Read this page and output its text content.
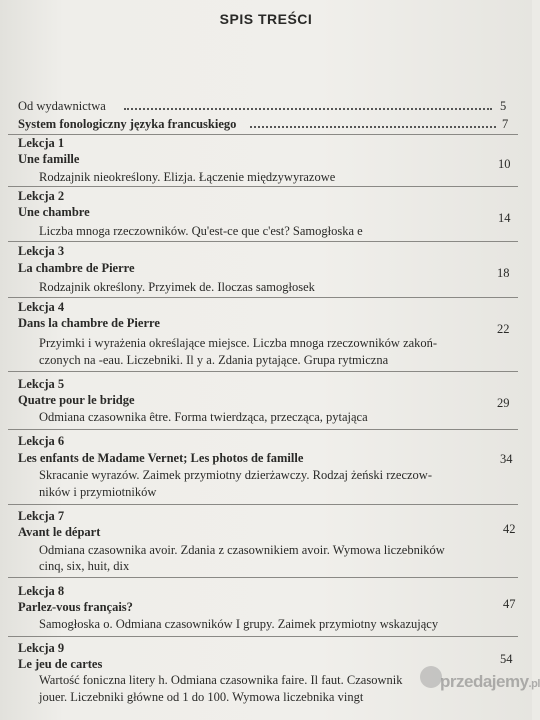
SPIS TREŚCI
Od wydawnictwa	5
System fonologiczny języka francuskiego	7
Lekcja 1
Une famille	10
Rodzajnik nieokreślony. Elizja. Łączenie międzywyrazowe
Lekcja 2
Une chambre	14
Liczba mnoga rzeczowników. Qu'est-ce que c'est? Samogłoska e
Lekcja 3
La chambre de Pierre	18
Rodzajnik określony. Przyimek de. Iloczas samogłosek
Lekcja 4
Dans la chambre de Pierre	22
Przyimki i wyrażenia określające miejsce. Liczba mnoga rzeczowników zakoń-
czonych na -eau. Liczebniki. Il y a. Zdania pytające. Grupa rytmiczna
Lekcja 5
Quatre pour le bridge	29
Odmiana czasownika être. Forma twierdząca, przecząca, pytająca
Lekcja 6
Les enfants de Madame Vernet; Les photos de famille	34
Skracanie wyrazów. Zaimek przymiotny dzierżawczy. Rodzaj żeński rzeczow-
ników i przymiotników
Lekcja 7
Avant le départ	42
Odmiana czasownika avoir. Zdania z czasownikiem avoir. Wymowa liczebników
cinq, six, huit, dix
Lekcja 8
Parlez-vous français?	47
Samogłoska o. Odmiana czasowników I grupy. Zaimek przymiotny wskazujący
Lekcja 9
Le jeu de cartes	54
Wartość foniczna litery h. Odmiana czasownika faire. Il faut. Czasownik
jouer. Liczebniki główne od 1 do 100. Wymowa liczebnika vingt
przedajemy.pl
